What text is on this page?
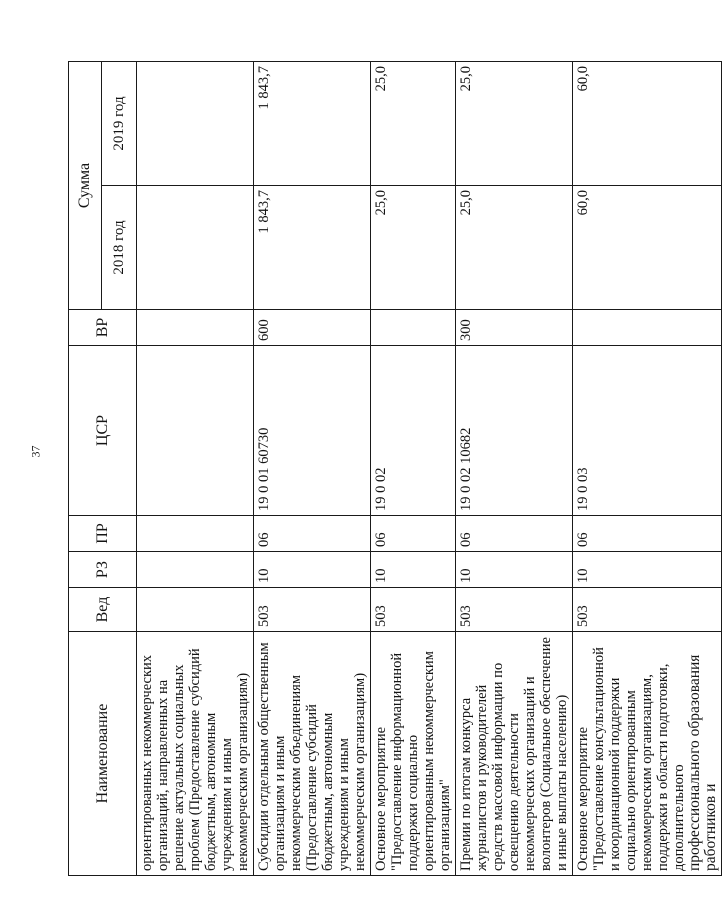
37
Наименование	Вед	РЗ	ПР	ЦСР	ВР	Сумма	
						2018 год	2019 год
ориентированных некоммерческих организаций, направленных на решение актуальных социальных проблем (Предоставление субсидий бюджетным, автономным учреждениям и иным некоммерческим организациям)							
Субсидии отдельным общественным организациям и иным некоммерческим объединениям (Предоставление субсидий бюджетным, автономным учреждениям и иным некоммерческим организациям)	503	10	06	19 0 01 60730	600	1 843,7	1 843,7
Основное мероприятие "Предоставление информационной поддержки социально ориентированным некоммерческим организациям"	503	10	06	19 0 02		25,0	25,0
Премии по итогам конкурса журналистов и руководителей средств массовой информации по освещению деятельности некоммерческих организаций и волонтеров (Социальное обеспечение и иные выплаты населению)	503	10	06	19 0 02 10682	300	25,0	25,0
Основное мероприятие "Предоставление консультационной и координационной поддержки социально ориентированным некоммерческим организациям, поддержки в области подготовки, дополнительного профессионального образования работников и	503	10	06	19 0 03		60,0	60,0
